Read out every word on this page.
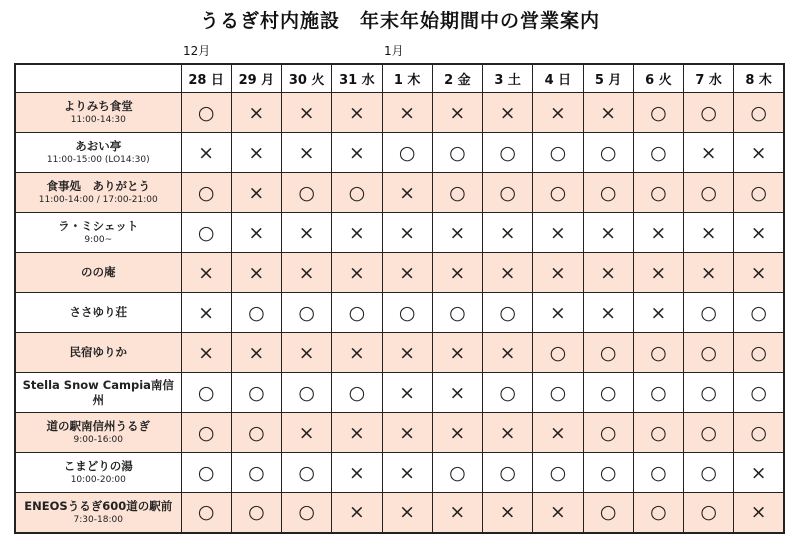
うるぎ村内施設　年末年始期間中の営業案内
12月	1月
	28 日	29 月	30 火	31 水	1 木	2 金	3 土	4 日	5 月	6 火	7 水	8 木

よりみち食堂
11:00-14:30	○	×	×	×	×	×	×	×	×	○	○	○

あおい亭
11:00-15:00 (LO14:30)	×	×	×	×	○	○	○	○	○	○	×	×

食事処　ありがとう
11:00-14:00 / 17:00-21:00	○	×	○	○	×	○	○	○	○	○	○	○

ラ・ミシェット
9:00~	○	×	×	×	×	×	×	×	×	×	×	×

のの庵	×	×	×	×	×	×	×	×	×	×	×	×

ささゆり荘	×	○	○	○	○	○	○	×	×	×	○	○

民宿ゆりか	×	×	×	×	×	×	×	○	○	○	○	○

Stella Snow Campia南信州	○	○	○	○	×	×	○	○	○	○	○	○

道の駅南信州うるぎ
9:00-16:00	○	○	×	×	×	×	×	×	○	○	○	○

こまどりの湯
10:00-20:00	○	○	○	×	×	○	○	○	○	○	○	×

ENEOSうるぎ600道の駅前
7:30-18:00	○	○	○	×	×	×	×	×	○	○	○	×
